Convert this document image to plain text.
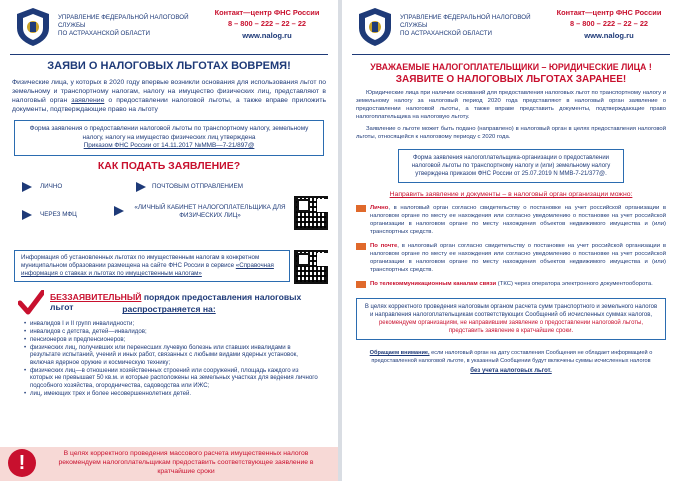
УПРАВЛЕНИЕ ФЕДЕРАЛЬНОЙ НАЛОГОВОЙ СЛУЖБЫ
ПО АСТРАХАНСКОЙ ОБЛАСТИ
Контакт—центр ФНС России
8 – 800 – 222 – 22 – 22
www.nalog.ru
ЗАЯВИ О НАЛОГОВЫХ ЛЬГОТАХ ВОВРЕМЯ!

Физические лица, у которых в 2020 году впервые возникли основания для использования льгот по земельному и транспортному налогам, налогу на имущество физических лиц, представляют в налоговый орган заявление о предоставлении налоговой льготы, а также вправе приложить документы, подтверждающие право на льготу

Форма заявления о предоставлении налоговой льготы по транспортному налогу, земельному налогу, налогу на имущество физических лиц утверждена
Приказом ФНС России от 14.11.2017 №ММВ—7-21/897@
КАК ПОДАТЬ ЗАЯВЛЕНИЕ?
ЛИЧНО	ПОЧТОВЫМ ОТПРАВЛЕНИЕМ
ЧЕРЕЗ МФЦ
«ЛИЧНЫЙ КАБИНЕТ НАЛОГОПЛАТЕЛЬЩИКА ДЛЯ ФИЗИЧЕСКИХ ЛИЦ»
Информация об установленных льготах по имущественным налогам в конкретном муниципальном образовании размещена на сайте ФНС России в сервисе «Справочная информация о ставках и льготах по имущественным налогам»
БЕЗЗАЯВИТЕЛЬНЫЙ порядок предоставления налоговых льгот	распространяется на:
• инвалидов I и II групп инвалидности;
• инвалидов с детства, детей—инвалидов;
• пенсионеров и предпенсионеров;
• физических лиц, получивших или перенесших лучевую болезнь или ставших инвалидами в результате испытаний, учений и иных работ, связанных с любыми видами ядерных установок, включая ядерное оружие и космическую технику;
• физических лиц—в отношении хозяйственных строений или сооружений, площадь каждого из которых не превышает 50 кв.м. и которые расположены на земельных участках для ведения личного подсобного хозяйства, огородничества, садоводства или ИЖС;
• лиц, имеющих трех и более несовершеннолетних детей.
!	В целях корректного проведения массового расчета имущественных налогов рекомендуем налогоплательщикам предоставить соответствующее заявление в кратчайшие сроки
УПРАВЛЕНИЕ ФЕДЕРАЛЬНОЙ НАЛОГОВОЙ СЛУЖБЫ
ПО АСТРАХАНСКОЙ ОБЛАСТИ
Контакт—центр ФНС России
8 – 800 – 222 – 22 – 22
www.nalog.ru
УВАЖАЕМЫЕ НАЛОГОПЛАТЕЛЬЩИКИ – ЮРИДИЧЕСКИЕ ЛИЦА !
ЗАЯВИТЕ О НАЛОГОВЫХ ЛЬГОТАХ ЗАРАНЕЕ!

Юридические лица при наличии оснований для предоставления налоговых льгот по транспортному налогу и земельному налогу за налоговый период 2020 года представляют в налоговый орган заявление о предоставлении налоговой льготы, а также вправе представить документы, подтверждающие право налогоплательщика на налоговую льготу.

Заявление о льготе может быть подано (направлено) в налоговый орган в целях предоставления налоговой льготы, относящейся к налоговому периоду с 2020 года.

Форма заявления налогоплательщика-организации о предоставлении налоговой льготы по транспортному налогу и (или) земельному налогу утверждена приказом ФНС России от 25.07.2019 N ММВ-7-21/377@.
Направить заявление и документы – в налоговый орган организации можно:
Лично, в налоговый орган согласно свидетельству о постановке на учет российской организации в налоговом органе по месту ее нахождения или согласно уведомлению о постановке на учет российской организации в налоговом органе по месту нахождения объектов недвижимого имущества и (или) транспортных средств.
По почте, в налоговый орган согласно свидетельству о постановке на учет российской организации в налоговом органе по месту ее нахождения или согласно уведомлению о постановке на учет российской организации в налоговом органе по месту нахождения объектов недвижимого имущества и (или) транспортных средств.
По телекоммуникационным каналам связи (ТКС) через оператора электронного документооборота.
В целях корректного проведения налоговым органом расчета сумм транспортного и земельного налогов и направления налогоплательщикам соответствующих Сообщений об исчисленных суммах налогов,
рекомендуем организациям, не направившим заявление о предоставлении налоговой льготы, представить заявление в кратчайшие сроки.

Обращаем внимание, если налоговый орган на дату составления Сообщения не обладает информацией о предоставленной налоговой льготе, в указанный Сообщении будут включены суммы исчисленных налогов

без учета налоговых льгот.
